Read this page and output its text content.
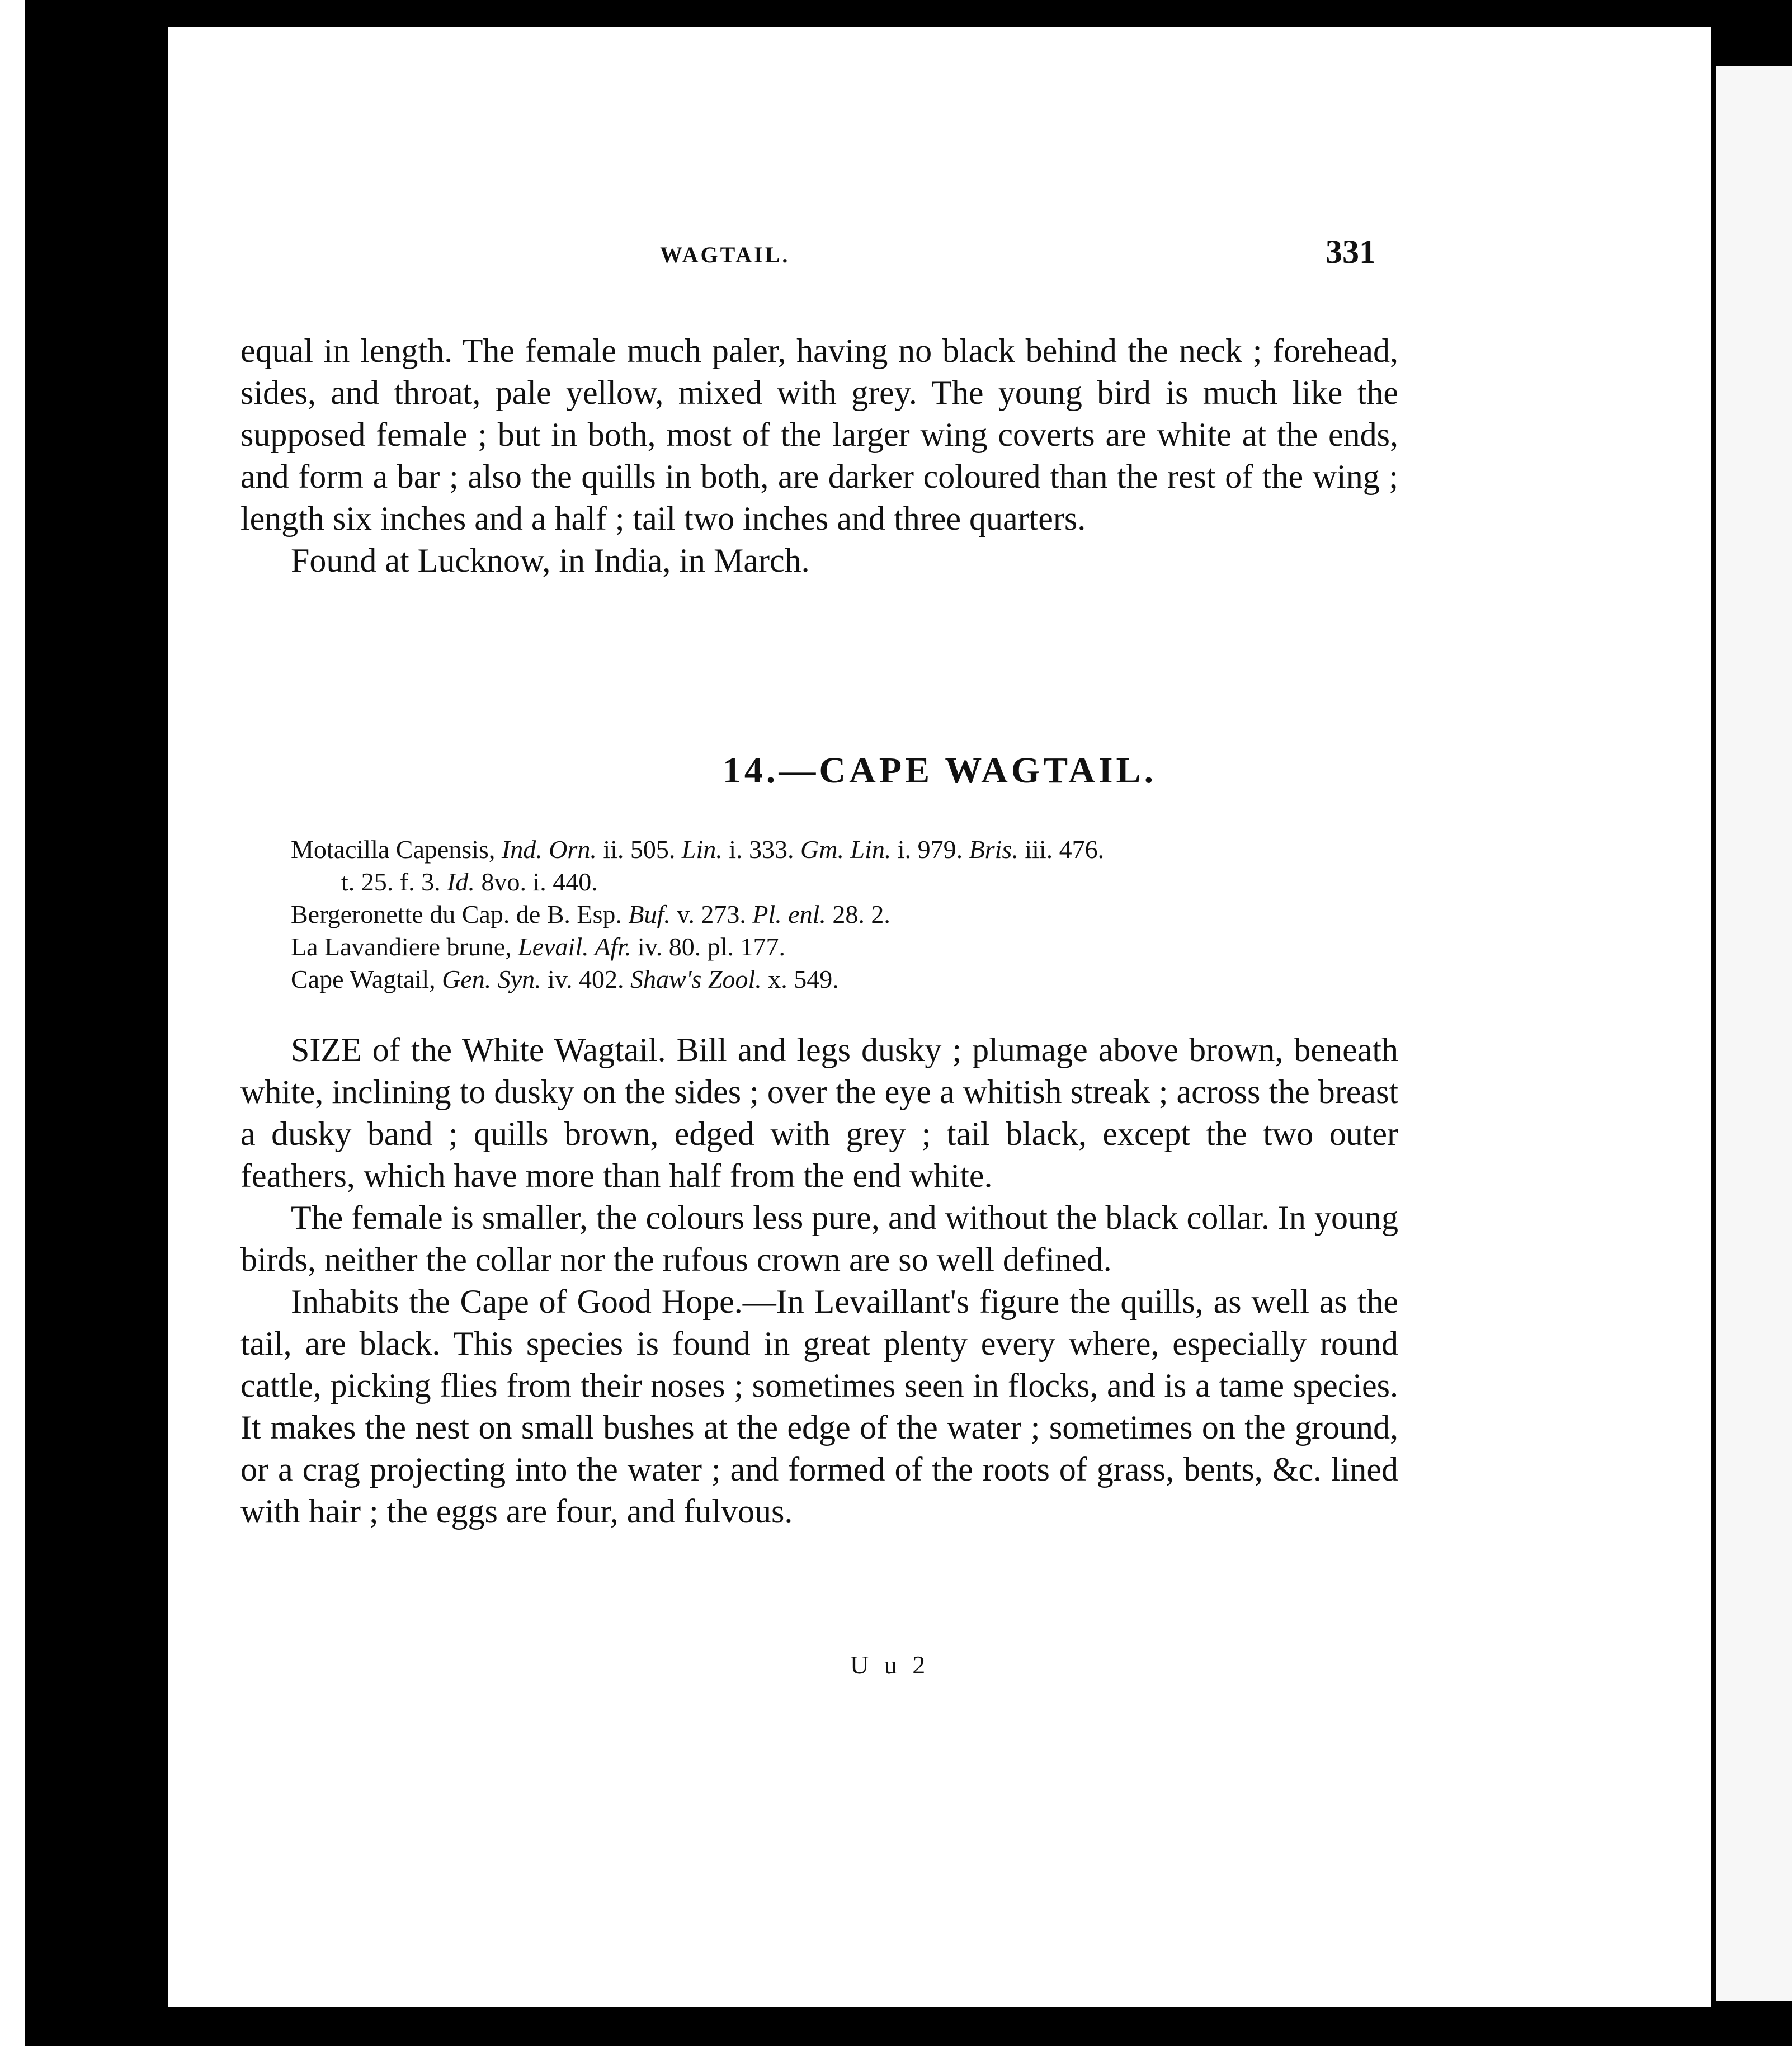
WAGTAIL.	331

equal in length. The female much paler, having no black behind the neck ; forehead, sides, and throat, pale yellow, mixed with grey. The young bird is much like the supposed female ; but in both, most of the larger wing coverts are white at the ends, and form a bar ; also the quills in both, are darker coloured than the rest of the wing ; length six inches and a half ; tail two inches and three quarters.

Found at Lucknow, in India, in March.

14.—CAPE WAGTAIL.
Motacilla Capensis, Ind. Orn. ii. 505. Lin. i. 333. Gm. Lin. i. 979. Bris. iii. 476.
t. 25. f. 3. Id. 8vo. i. 440.
Bergeronette du Cap. de B. Esp. Buf. v. 273. Pl. enl. 28. 2.
La Lavandiere brune, Levail. Afr. iv. 80. pl. 177.
Cape Wagtail, Gen. Syn. iv. 402. Shaw's Zool. x. 549.

SIZE of the White Wagtail. Bill and legs dusky ; plumage above brown, beneath white, inclining to dusky on the sides ; over the eye a whitish streak ; across the breast a dusky band ; quills brown, edged with grey ; tail black, except the two outer feathers, which have more than half from the end white.

The female is smaller, the colours less pure, and without the black collar. In young birds, neither the collar nor the rufous crown are so well defined.

Inhabits the Cape of Good Hope.—In Levaillant's figure the quills, as well as the tail, are black. This species is found in great plenty every where, especially round cattle, picking flies from their noses ; sometimes seen in flocks, and is a tame species. It makes the nest on small bushes at the edge of the water ; sometimes on the ground, or a crag projecting into the water ; and formed of the roots of grass, bents, &c. lined with hair ; the eggs are four, and fulvous.

U u 2
